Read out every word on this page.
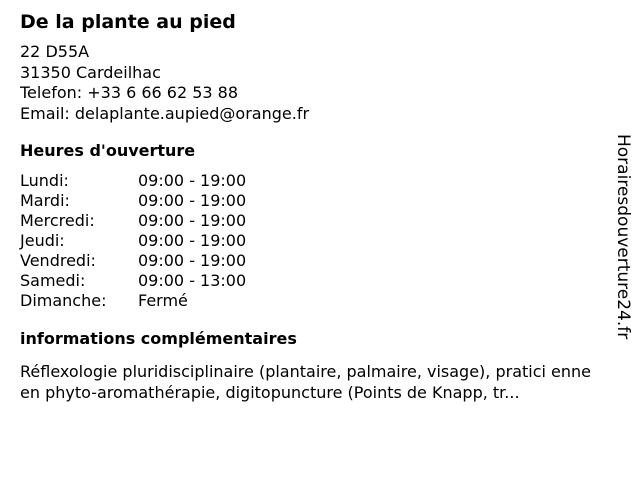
De la plante au pied
22 D55A
31350 Cardeilhac
Telefon: +33 6 66 62 53 88
Email: delaplante.aupied@orange.fr
Heures d'ouverture
Lundi:	09:00 - 19:00
Mardi:	09:00 - 19:00
Mercredi:	09:00 - 19:00
Jeudi:	09:00 - 19:00
Vendredi:	09:00 - 19:00
Samedi:	09:00 - 13:00
Dimanche:	Fermé
informations complémentaires
Réflexologie pluridisciplinaire (plantaire, palmaire, visage), pratici enne en phyto-aromathérapie, digitopuncture (Points de Knapp, tr...
Horairesdouverture24.fr
